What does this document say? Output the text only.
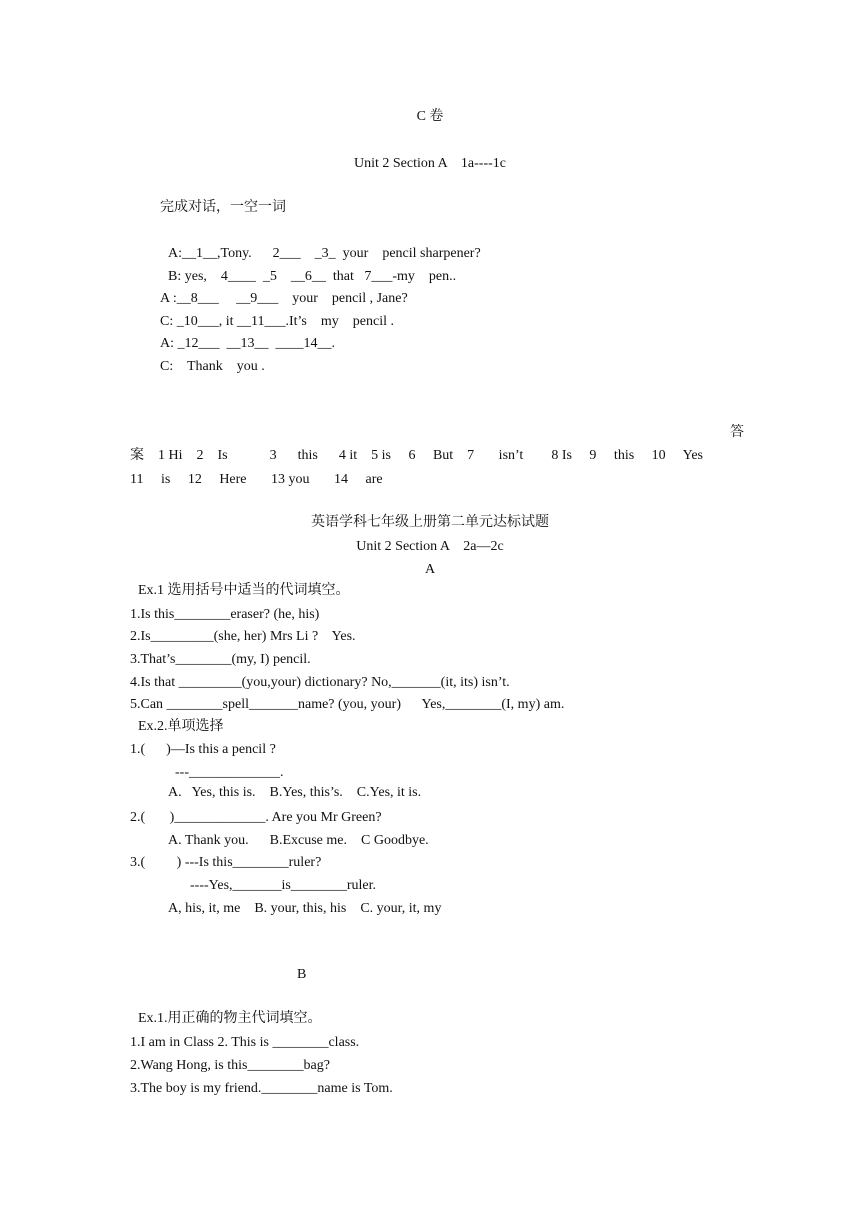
C 卷
Unit 2 Section A    1a----1c
完成对话，一空一词
A:__1__,Tony.      2___    _3_  your    pencil sharpener?
B: yes,    4____  _5    __6__  that   7___-my    pen..
A :__8___     __9___    your    pencil , Jane?
C: _10___, it __11___.It’s    my    pencil .
A: _12___  __13__  ____14__.
C:    Thank    you .
答
案    1 Hi    2    Is            3      this      4 it    5 is     6     But    7       isn’t        8 Is     9     this     10     Yes
11     is     12     Here       13 you       14     are
英语学科七年级上册第二单元达标试题
Unit 2 Section A    2a—2c
A
Ex.1 选用括号中适当的代词填空。
1.Is this________eraser? (he, his)
2.Is_________(she, her) Mrs Li ?    Yes.
3.That’s________(my, I) pencil.
4.Is that _________(you,your) dictionary? No,_______(it, its) isn’t.
5.Can ________spell_______name? (you, your)      Yes,________(I, my) am.
Ex.2.单项选择
1.(      )—Is this a pencil ?
---_____________.
A.   Yes, this is.    B.Yes, this’s.    C.Yes, it is.
2.(       )_____________. Are you Mr Green?
A. Thank you.      B.Excuse me.    C Goodbye.
3.(         ) ---Is this________ruler?
----Yes,_______is________ruler.
A, his, it, me    B. your, this, his    C. your, it, my
B
Ex.1.用正确的物主代词填空。
1.I am in Class 2. This is ________class.
2.Wang Hong, is this________bag?
3.The boy is my friend.________name is Tom.
